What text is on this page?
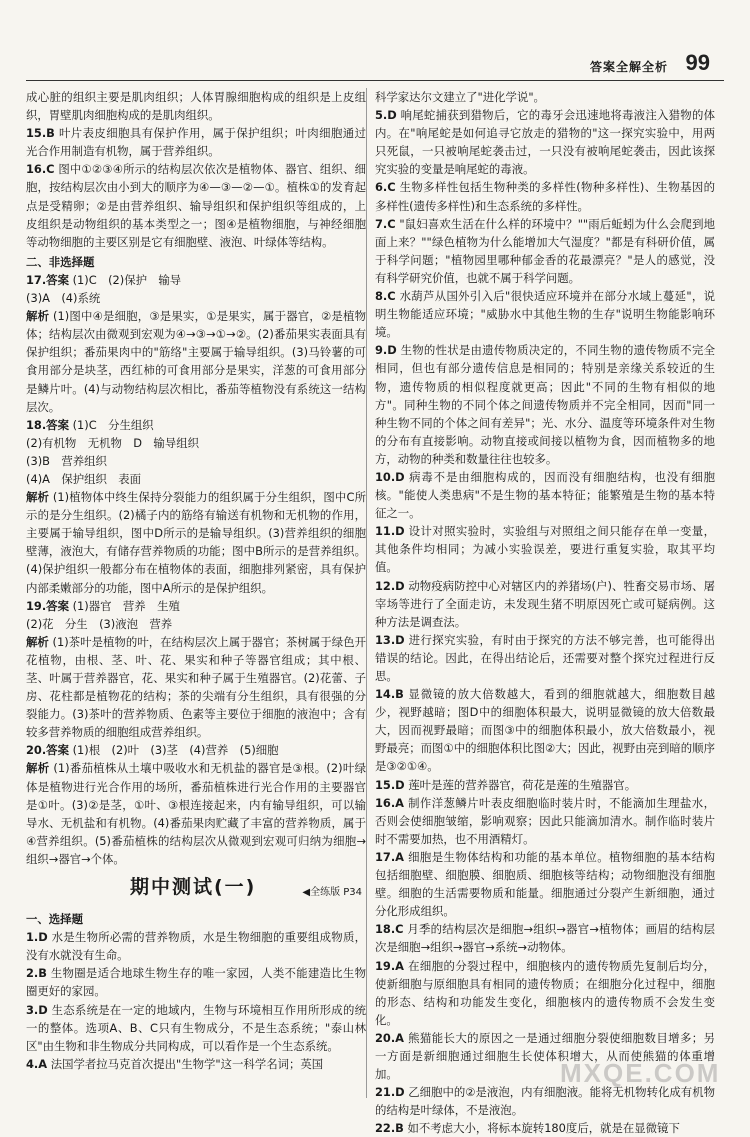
答案全解全析 99

成心脏的组织主要是肌肉组织；人体胃腺细胞构成的组织是上皮组织，胃壁肌肉细胞构成的是肌肉组织。

15.B 叶片表皮细胞具有保护作用，属于保护组织；叶肉细胞通过光合作用制造有机物，属于营养组织。

16.C 图中①②③④所示的结构层次依次是植物体、器官、组织、细胞，按结构层次由小到大的顺序为④—③—②—①。植株①的发育起点是受精卵；②是由营养组织、输导组织和保护组织等组成的，上皮组织是动物组织的基本类型之一；图④是植物细胞，与神经细胞等动物细胞的主要区别是它有细胞壁、液泡、叶绿体等结构。

二、非选择题

17.答案 (1)C　(2)保护　输导

(3)A　(4)系统

解析 (1)图中④是细胞，③是果实，①是果实，属于器官，②是植物体；结构层次由微观到宏观为④→③→①→②。(2)番茄果实表面具有保护组织；番茄果肉中的"筋络"主要属于输导组织。(3)马铃薯的可食用部分是块茎，西红柿的可食用部分是果实，洋葱的可食用部分是鳞片叶。(4)与动物结构层次相比，番茄等植物没有系统这一结构层次。

18.答案 (1)C　分生组织

(2)有机物　无机物　D　输导组织

(3)B　营养组织

(4)A　保护组织　表面

解析 (1)植物体中终生保持分裂能力的组织属于分生组织，图中C所示的是分生组织。(2)橘子内的筋络有输送有机物和无机物的作用，主要属于输导组织，图中D所示的是输导组织。(3)营养组织的细胞壁薄，液泡大，有储存营养物质的功能；图中B所示的是营养组织。(4)保护组织一般都分布在植物体的表面，细胞排列紧密，具有保护内部柔嫩部分的功能，图中A所示的是保护组织。

19.答案 (1)器官　营养　生殖

(2)花　分生　(3)液泡　营养

解析 (1)茶叶是植物的叶，在结构层次上属于器官；茶树属于绿色开花植物，由根、茎、叶、花、果实和种子等器官组成；其中根、茎、叶属于营养器官，花、果实和种子属于生殖器官。(2)花蕾、子房、花柱都是植物花的结构；茶的尖端有分生组织，具有很强的分裂能力。(3)茶叶的营养物质、色素等主要位于细胞的液泡中；含有较多营养物质的细胞组成营养组织。

20.答案 (1)根　(2)叶　(3)茎　(4)营养　(5)细胞

解析 (1)番茄植株从土壤中吸收水和无机盐的器官是③根。(2)叶绿体是植物进行光合作用的场所，番茄植株进行光合作用的主要器官是①叶。(3)②是茎，①叶、③根连接起来，内有输导组织，可以输导水、无机盐和有机物。(4)番茄果肉贮藏了丰富的营养物质，属于④营养组织。(5)番茄植株的结构层次从微观到宏观可归纳为细胞→组织→器官→个体。

期中测试(一)	◀全练版 P34

一、选择题

1.D 水是生物所必需的营养物质，水是生物细胞的重要组成物质，没有水就没有生命。

2.B 生物圈是适合地球生物生存的唯一家园，人类不能建造比生物圈更好的家园。

3.D 生态系统是在一定的地域内，生物与环境相互作用所形成的统一的整体。选项A、B、C只有生物成分，不是生态系统；"泰山林区"由生物和非生物成分共同构成，可以看作是一个生态系统。

4.A 法国学者拉马克首次提出"生物学"这一科学名词；英国

科学家达尔文建立了"进化学说"。

5.D 响尾蛇捕获到猎物后，它的毒牙会迅速地将毒液注入猎物的体内。在"响尾蛇是如何追寻它放走的猎物的"这一探究实验中，用两只死鼠，一只被响尾蛇袭击过，一只没有被响尾蛇袭击，因此该探究实验的变量是响尾蛇的毒液。

6.C 生物多样性包括生物种类的多样性(物种多样性)、生物基因的多样性(遗传多样性)和生态系统的多样性。

7.C "鼠妇喜欢生活在什么样的环境中？""雨后蚯蚓为什么会爬到地面上来？""绿色植物为什么能增加大气湿度？"都是有科研价值，属于科学问题；"植物园里哪种郁金香的花最漂亮？"是人的感觉，没有科学研究价值，也就不属于科学问题。

8.C 水葫芦从国外引入后"很快适应环境并在部分水域上蔓延"，说明生物能适应环境；"威胁水中其他生物的生存"说明生物能影响环境。

9.D 生物的性状是由遗传物质决定的，不同生物的遗传物质不完全相同，但也有部分遗传信息是相同的；特别是亲缘关系较近的生物，遗传物质的相似程度就更高；因此"不同的生物有相似的地方"。同种生物的不同个体之间遗传物质并不完全相同，因而"同一种生物不同的个体之间有差异"；光、水分、温度等环境条件对生物的分布有直接影响。动物直接或间接以植物为食，因而植物多的地方，动物的种类和数量往往也较多。

10.D 病毒不是由细胞构成的，因而没有细胞结构，也没有细胞核。"能使人类患病"不是生物的基本特征；能繁殖是生物的基本特征之一。

11.D 设计对照实验时，实验组与对照组之间只能存在单一变量，其他条件均相同；为减小实验误差，要进行重复实验，取其平均值。

12.D 动物疫病防控中心对辖区内的养猪场(户)、牲畜交易市场、屠宰场等进行了全面走访，未发现生猪不明原因死亡或可疑病例。这种方法是调查法。

13.D 进行探究实验，有时由于探究的方法不够完善，也可能得出错误的结论。因此，在得出结论后，还需要对整个探究过程进行反思。

14.B 显微镜的放大倍数越大，看到的细胞就越大，细胞数目越少，视野越暗；图D中的细胞体积最大，说明显微镜的放大倍数最大，因而视野最暗；而图③中的细胞体积最小，放大倍数最小，视野最亮；而图①中的细胞体积比图②大；因此，视野由亮到暗的顺序是③②①④。

15.D 莲叶是莲的营养器官，荷花是莲的生殖器官。

16.A 制作洋葱鳞片叶表皮细胞临时装片时，不能滴加生理盐水，否则会使细胞皱缩，影响观察；因此只能滴加清水。制作临时装片时不需要加热，也不用酒精灯。

17.A 细胞是生物体结构和功能的基本单位。植物细胞的基本结构包括细胞壁、细胞膜、细胞质、细胞核等结构；动物细胞没有细胞壁。细胞的生活需要物质和能量。细胞通过分裂产生新细胞，通过分化形成组织。

18.C 月季的结构层次是细胞→组织→器官→植物体；画眉的结构层次是细胞→组织→器官→系统→动物体。

19.A 在细胞的分裂过程中，细胞核内的遗传物质先复制后均分，使新细胞与原细胞具有相同的遗传物质；在细胞分化过程中，细胞的形态、结构和功能发生变化，细胞核内的遗传物质不会发生变化。

20.A 熊猫能长大的原因之一是通过细胞分裂使细胞数目增多；另一方面是新细胞通过细胞生长使体积增大，从而使熊猫的体重增加。

21.D 乙细胞中的②是液泡，内有细胞液。能将无机物转化成有机物的结构是叶绿体，不是液泡。

22.B 如不考虑大小，将标本旋转180度后，就是在显微镜下

MXQE.COM
